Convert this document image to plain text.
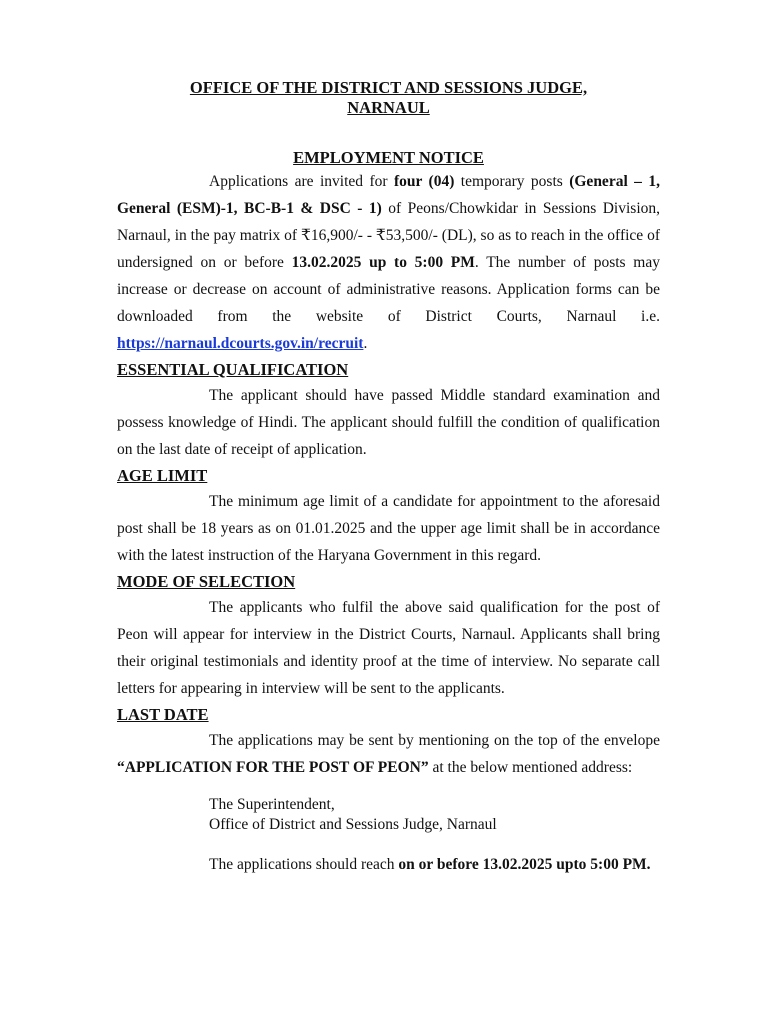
OFFICE OF THE DISTRICT AND SESSIONS JUDGE,
NARNAUL
EMPLOYMENT NOTICE

Applications are invited for four (04) temporary posts (General – 1, General (ESM)-1, BC-B-1 & DSC - 1) of Peons/Chowkidar in Sessions Division, Narnaul, in the pay matrix of ₹16,900/- - ₹53,500/- (DL), so as to reach in the office of undersigned on or before 13.02.2025 up to 5:00 PM. The number of posts may increase or decrease on account of administrative reasons. Application forms can be downloaded from the website of District Courts, Narnaul i.e. https://narnaul.dcourts.gov.in/recruit.

ESSENTIAL QUALIFICATION

The applicant should have passed Middle standard examination and possess knowledge of Hindi. The applicant should fulfill the condition of qualification on the last date of receipt of application.

AGE LIMIT

The minimum age limit of a candidate for appointment to the aforesaid post shall be 18 years as on 01.01.2025 and the upper age limit shall be in accordance with the latest instruction of the Haryana Government in this regard.

MODE OF SELECTION

The applicants who fulfil the above said qualification for the post of Peon will appear for interview in the District Courts, Narnaul. Applicants shall bring their original testimonials and identity proof at the time of interview. No separate call letters for appearing in interview will be sent to the applicants.

LAST DATE

The applications may be sent by mentioning on the top of the envelope “APPLICATION FOR THE POST OF PEON” at the below mentioned address:

The Superintendent,
Office of District and Sessions Judge, Narnaul

The applications should reach on or before 13.02.2025 upto 5:00 PM.
